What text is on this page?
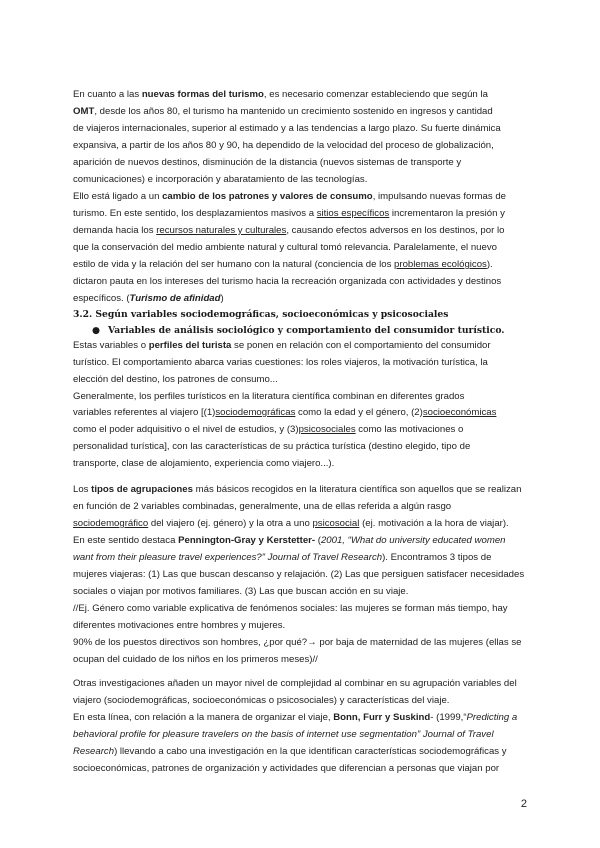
En cuanto a las nuevas formas del turismo, es necesario comenzar estableciendo que según la
OMT, desde los años 80, el turismo ha mantenido un crecimiento sostenido en ingresos y cantidad
de viajeros internacionales, superior al estimado y a las tendencias a largo plazo. Su fuerte dinámica
expansiva, a partir de los años 80 y 90, ha dependido de la velocidad del proceso de globalización,
aparición de nuevos destinos, disminución de la distancia (nuevos sistemas de transporte y
comunicaciones) e incorporación y abaratamiento de las tecnologías.
Ello está ligado a un cambio de los patrones y valores de consumo, impulsando nuevas formas de
turismo. En este sentido, los desplazamientos masivos a sitios específicos incrementaron la presión y
demanda hacia los recursos naturales y culturales, causando efectos adversos en los destinos, por lo
que la conservación del medio ambiente natural y cultural tomó relevancia. Paralelamente, el nuevo
estilo de vida y la relación del ser humano con la natural (conciencia de los problemas ecológicos).
dictaron pauta en los intereses del turismo hacia la recreación organizada con actividades y destinos
específicos. (Turismo de afinidad)
3.2. Según variables sociodemográficas, socioeconómicas y psicosociales
● Variables de análisis sociológico y comportamiento del consumidor turístico.
Estas variables o perfiles del turista se ponen en relación con el comportamiento del consumidor
turístico. El comportamiento abarca varias cuestiones: los roles viajeros, la motivación turística, la
elección del destino, los patrones de consumo...
Generalmente, los perfiles turísticos en la literatura científica combinan en diferentes grados
variables referentes al viajero [(1)sociodemográficas como la edad y el género, (2)socioeconómicas
como el poder adquisitivo o el nivel de estudios, y (3)psicosociales como las motivaciones o
personalidad turística], con las características de su práctica turística (destino elegido, tipo de
transporte, clase de alojamiento, experiencia como viajero...).
Los tipos de agrupaciones más básicos recogidos en la literatura científica son aquellos que se realizan
en función de 2 variables combinadas, generalmente, una de ellas referida a algún rasgo
sociodemográfico del viajero (ej. género) y la otra a uno psicosocial (ej. motivación a la hora de viajar).
En este sentido destaca Pennington-Gray y Kerstetter- (2001, “What do university educated women
want from their pleasure travel experiences?” Journal of Travel Research). Encontramos 3 tipos de
mujeres viajeras: (1) Las que buscan descanso y relajación. (2) Las que persiguen satisfacer necesidades
sociales o viajan por motivos familiares. (3) Las que buscan acción en su viaje.
//Ej. Género como variable explicativa de fenómenos sociales: las mujeres se forman más tiempo, hay
diferentes motivaciones entre hombres y mujeres.
90% de los puestos directivos son hombres, ¿por qué?→ por baja de maternidad de las mujeres (ellas se
ocupan del cuidado de los niños en los primeros meses)//
Otras investigaciones añaden un mayor nivel de complejidad al combinar en su agrupación variables del
viajero (sociodemográficas, socioeconómicas o psicosociales) y características del viaje.
En esta línea, con relación a la manera de organizar el viaje, Bonn, Furr y Suskind- (1999,“Predicting a
behavioral profile for pleasure travelers on the basis of internet use segmentation” Journal of Travel
Research) llevando a cabo una investigación en la que identifican características sociodemográficas y
socioeconómicas, patrones de organización y actividades que diferencian a personas que viajan por
2
